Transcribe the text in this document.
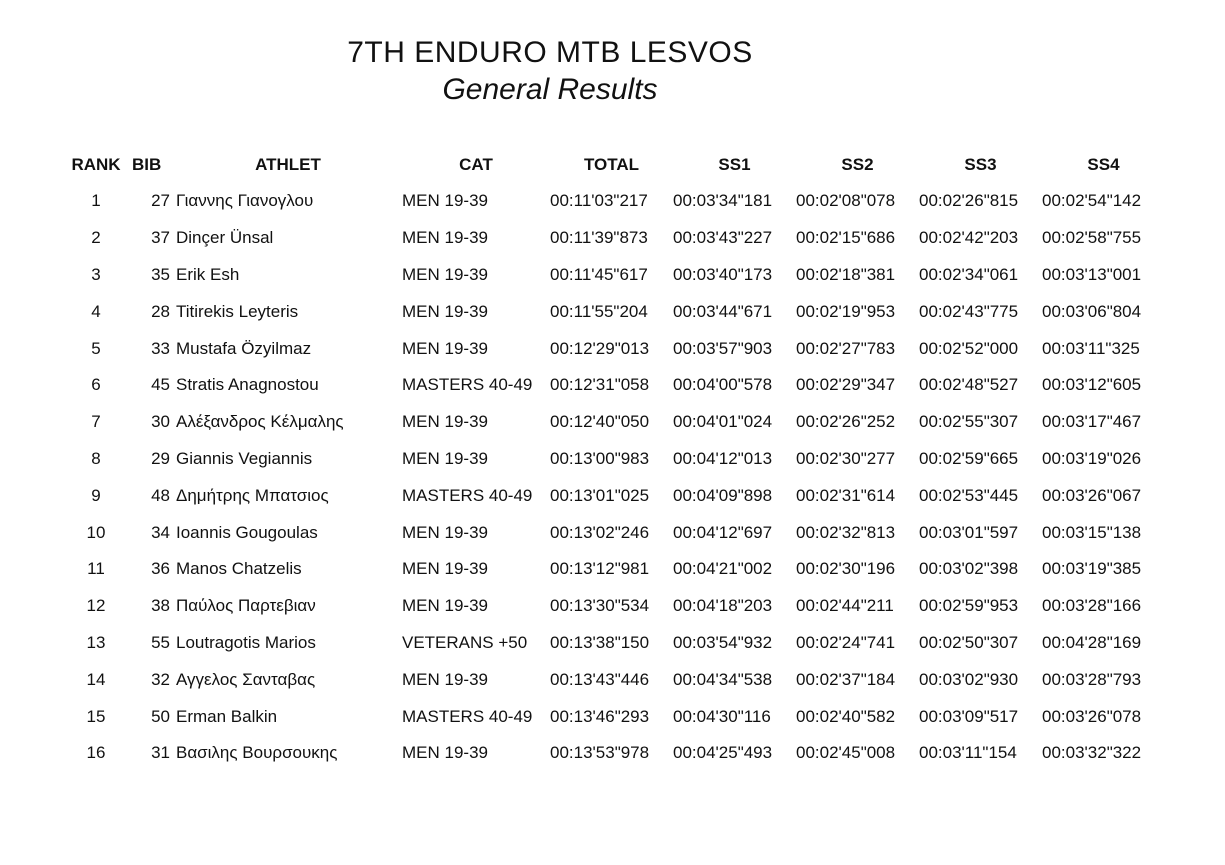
7TH ENDURO MTB LESVOS
General Results
RANK	BIB	ATHLET	CAT	TOTAL	SS1	SS2	SS3	SS4
1	27	Γιαννης Γιανογλου	MEN 19-39	00:11'03"217	00:03'34"181	00:02'08"078	00:02'26"815	00:02'54"142
2	37	Dinçer Ünsal	MEN 19-39	00:11'39"873	00:03'43"227	00:02'15"686	00:02'42"203	00:02'58"755
3	35	Erik Esh	MEN 19-39	00:11'45"617	00:03'40"173	00:02'18"381	00:02'34"061	00:03'13"001
4	28	Titirekis Leyteris	MEN 19-39	00:11'55"204	00:03'44"671	00:02'19"953	00:02'43"775	00:03'06"804
5	33	Mustafa Özyilmaz	MEN 19-39	00:12'29"013	00:03'57"903	00:02'27"783	00:02'52"000	00:03'11"325
6	45	Stratis Anagnostou	MASTERS 40-49	00:12'31"058	00:04'00"578	00:02'29"347	00:02'48"527	00:03'12"605
7	30	Αλέξανδρος Κέλμαλης	MEN 19-39	00:12'40"050	00:04'01"024	00:02'26"252	00:02'55"307	00:03'17"467
8	29	Giannis Vegiannis	MEN 19-39	00:13'00"983	00:04'12"013	00:02'30"277	00:02'59"665	00:03'19"026
9	48	Δημήτρης Μπατσιος	MASTERS 40-49	00:13'01"025	00:04'09"898	00:02'31"614	00:02'53"445	00:03'26"067
10	34	Ioannis Gougoulas	MEN 19-39	00:13'02"246	00:04'12"697	00:02'32"813	00:03'01"597	00:03'15"138
11	36	Manos Chatzelis	MEN 19-39	00:13'12"981	00:04'21"002	00:02'30"196	00:03'02"398	00:03'19"385
12	38	Παύλος Παρτεβιαν	MEN 19-39	00:13'30"534	00:04'18"203	00:02'44"211	00:02'59"953	00:03'28"166
13	55	Loutragotis Marios	VETERANS +50	00:13'38"150	00:03'54"932	00:02'24"741	00:02'50"307	00:04'28"169
14	32	Αγγελος Σανταβας	MEN 19-39	00:13'43"446	00:04'34"538	00:02'37"184	00:03'02"930	00:03'28"793
15	50	Erman Balkin	MASTERS 40-49	00:13'46"293	00:04'30"116	00:02'40"582	00:03'09"517	00:03'26"078
16	31	Βασιλης Βουρσουκης	MEN 19-39	00:13'53"978	00:04'25"493	00:02'45"008	00:03'11"154	00:03'32"322
